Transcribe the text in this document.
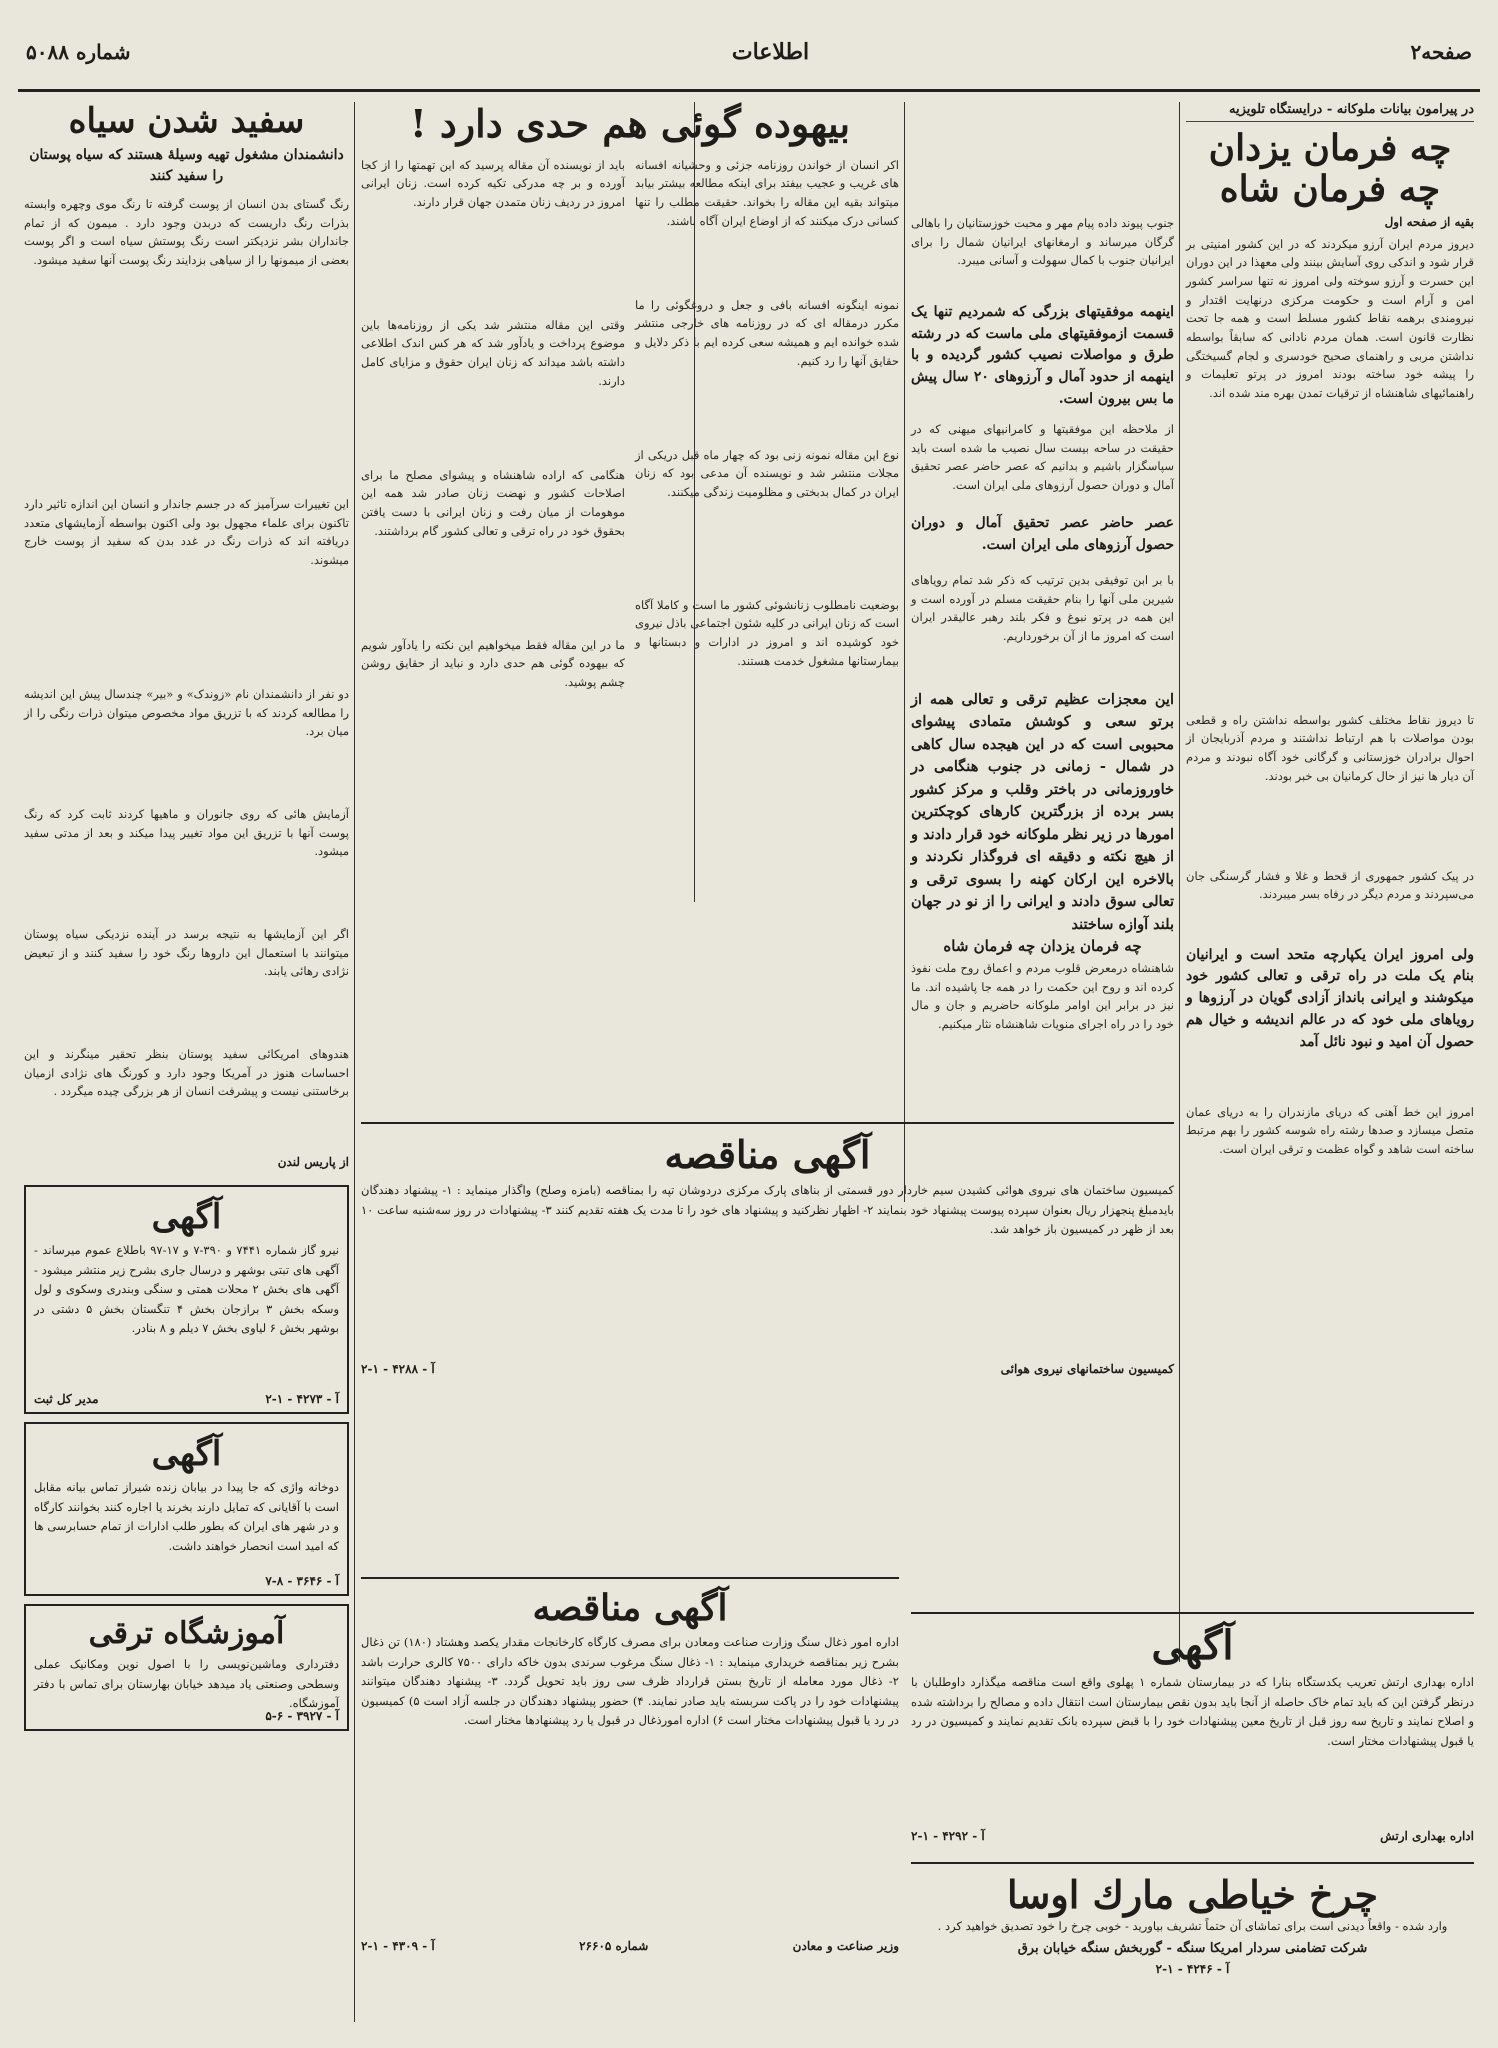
صفحه۲
اطلاعات
شماره ۵۰۸۸
در پیرامون بیانات ملوکانه - درایستگاه‌ تلویزیه
چه فرمان یزدان چه فرمان شاه
بقیه از صفحه اول

دیروز مردم ایران آرزو میکردند که در این کشور امنیتی بر قرار شود و اندکی روی آسایش بینند ولی معهذا در این دوران این حسرت و آرزو سوخته ولی امروز نه تنها سراسر کشور امن و آرام است و حکومت مرکزی درنهایت اقتدار و نیرومندی برهمه نقاط کشور مسلط است و همه جا تحت نظارت قانون است. همان مردم نادانی که سابقاً بواسطه نداشتن مربی و راهنمای صحیح خودسری و لجام گسیختگی را پیشه خود ساخته بودند امروز در پرتو تعلیمات و راهنمائیهای شاهنشاه از ترقیات تمدن بهره مند شده اند.

تا دیروز نقاط مختلف کشور بواسطه نداشتن راه و قطعی بودن مواصلات با هم ارتباط نداشتند و مردم آذربایجان از احوال برادران خوزستانی و گرگانی خود آگاه نبودند و مردم آن دیار ها نیز از حال کرمانیان بی خبر بودند.

در پیک کشور جمهوری از قحط و غلا و فشار گرسنگی جان می‌سپردند و مردم دیگر در رفاه بسر میبردند.

ولی امروز ایران یکپارچه متحد است و ایرانیان بنام یک ملت در راه ترقی و تعالی کشور خود میکوشند و ایرانی بانداز آزادی گویان در آرزوها و رویاهای ملی خود که در عالم اندیشه و خیال هم حصول آن امید و نبود نائل آمد

امروز این خط آهنی که دریای مازندران را به دریای عمان متصل میسازد و صدها رشته راه شوسه کشور را بهم مرتبط ساخته است شاهد و گواه عظمت و ترقی ایران است.

جنوب پیوند داده پیام مهر و محبت خوزستانیان را باهالی گرگان میرساند و ارمغانهای ایرانیان شمال را برای ایرانیان جنوب با کمال سهولت و آسانی میبرد.

اینهمه موفقیتهای بزرگی که شمردیم تنها یک قسمت ازموفقیتهای ملی ماست که در رشته طرق و مواصلات نصیب کشور گردیده و با اینهمه از حدود آمال و آرزوهای ۲۰ سال پیش ما بس بیرون است.

از ملاحظه این موفقیتها و کامرانیهای میهنی که در حقیقت در ساحه بیست سال نصیب ما شده است باید سپاسگزار باشیم و بدانیم که عصر حاضر عصر تحقیق آمال و دوران حصول آرزوهای ملی ایران است.

عصر حاضر عصر تحقیق آمال و دوران حصول آرزوهای ملی ایران است.

با بر ابن توفیقی بدین ترتیب که ذکر شد تمام رویاهای شیرین ملی آنها را بنام حقیقت مسلم در آورده است و این همه در پرتو نبوغ و فکر بلند رهبر عالیقدر ایران است که امروز ما از آن برخورداریم.

این معجزات عظیم ترقی و تعالی همه از برتو سعی و کوشش متمادی پیشوای محبوبی است که در این هیجده سال کاهی در شمال - زمانی در جنوب هنگامی در خاوروزمانی در باختر وقلب و مرکز کشور بسر برده از بزرگترین کارهای کوچکترین امورها در زیر نظر ملوکانه خود قرار دادند و از هیچ نکته و دقیقه ای فروگذار نکردند و بالاخره این ارکان کهنه را بسوی ترقی و تعالی سوق دادند و ایرانی را از نو در جهان بلند آوازه ساختند

چه فرمان یزدان چه فرمان شاه

شاهنشاه درمعرض قلوب مردم و اعماق روح ملت نفوذ کرده اند و روح این حکمت را در همه جا پاشیده اند. ما نیز در برابر این اوامر ملوکانه حاضریم و جان و مال خود را در راه اجرای منویات شاهنشاه نثار میکنیم.

بیهوده گوئی هم حدی دارد !

اکر انسان از خواندن روزنامه جزئی و وحشیانه افسانه های غریب و عجیب بیفتد برای اینکه مطالعه بیشتر بیابد میتواند بقیه این مقاله را بخواند. حقیقت مطلب را تنها کسانی درک میکنند که از اوضاع ایران آگاه باشند.

نمونه اینگونه افسانه بافی و جعل و دروغگوئی را ما مکرر درمقاله ای که در روزنامه های خارجی منتشر شده خوانده ایم و همیشه سعی کرده ایم با ذکر دلایل و حقایق آنها را رد کنیم.

نوع این مقاله نمونه زنی بود که چهار ماه قبل دریکی از مجلات منتشر شد و نویسنده آن مدعی بود که زنان ایران در کمال بدبختی و مظلومیت زندگی میکنند.

بوضعیت نامطلوب زنانشوئی کشور ما است و کاملا آگاه است که زنان ایرانی در کلیه شئون اجتماعی باذل نیروی خود کوشیده اند و امروز در ادارات و دبستانها و بیمارستانها مشغول خدمت هستند.

باید از نویسنده آن مقاله پرسید که این تهمتها را از کجا آورده و بر چه مدرکی تکیه کرده است. زنان ایرانی امروز در ردیف زنان متمدن جهان قرار دارند.

وقتی این مقاله منتشر شد یکی از روزنامه‌ها باین موضوع پرداخت و یادآور شد که هر کس اندک اطلاعی داشته باشد میداند که زنان ایران حقوق و مزایای کامل دارند.

هنگامی که اراده شاهنشاه و پیشوای مصلح ما برای اصلاحات کشور و نهضت زنان صادر شد همه این موهومات از میان رفت و زنان ایرانی با دست یافتن بحقوق خود در راه ترقی و تعالی کشور گام برداشتند.

ما در این مقاله فقط میخواهیم این نکته را یادآور شویم که بیهوده گوئی هم حدی دارد و نباید از حقایق روشن چشم پوشید.

آگهی مناقصه

کمیسیون ساختمان های نیروی هوائی کشیدن سیم خاردار دور قسمتی از بناهای پارک مرکزی دردوشان تپه را بمناقصه (بامزه وصلح) واگذار مینماید : ۱- پیشنهاد دهندگان بایدمبلغ پنجهزار ریال بعنوان سپرده پیوست پیشنهاد خود بنمایند ۲- اظهار نظرکنید و پیشنهاد های خود را تا مدت یک هفته تقدیم کنند ۳- پیشنهادات در روز سه‌شنبه ساعت ۱۰ بعد از ظهر در کمیسیون باز خواهد شد.

کمیسیون ساختمانهای نیروی هوائی
آ - ۴۲۸۸ - ۱-۲
سفید شدن سیاه
دانشمندان مشغول تهیه وسیلهٔ هستند که سیاه پوستان را سفید کنند

رنگ گستای بدن انسان از پوست گرفته تا رنگ موی وچهره وابسته بذرات رنگ داریست که دربدن وجود دارد . میمون که از تمام جانداران بشر نزدیکتر است رنگ پوستش سیاه است و اگر پوست بعضی از میمونها را از سیاهی بزدایند رنگ پوست آنها سفید میشود.

این تغییرات سرآمیز که در جسم جاندار و انسان این اندازه تاثیر دارد تاکنون برای علماء مجهول بود ولی اکنون بواسطه آزمایشهای متعدد دریافته اند که ذرات رنگ در غدد بدن که سفید از پوست خارج میشوند.

دو نفر از دانشمندان نام «زوندک» و «بیر» چندسال پیش این اندیشه را مطالعه کردند که با تزریق مواد مخصوص میتوان ذرات رنگی را از میان برد.

آزمایش هائی که روی جانوران و ماهیها کردند ثابت کرد که رنگ پوست آنها با تزریق این مواد تغییر پیدا میکند و بعد از مدتی سفید میشود.

اگر این آزمایشها به نتیجه برسد در آینده نزدیکی سیاه پوستان میتوانند با استعمال این داروها رنگ خود را سفید کنند و از تبعیض نژادی رهائی یابند.

هندوهای امریکائی سفید پوستان بنظر تحقیر مینگرند و این احساسات هنوز در آمریکا وجود دارد و کورنگ های نژادی ازمیان برخاستنی نیست و پیشرفت انسان از هر بزرگی چیده میگردد .

از پاریس لندن
آگهی

نیرو گاز شماره ۷۴۴۱ و ۳۹۰-۷ و ۱۷-۹۷ باطلاع عموم میرساند - آگهی های تبتی بوشهر و درسال جاری بشرح زیر منتشر میشود - آگهی های بخش ۲ محلات همتی و سنگی وبندری وسکوی و لول وسکه بخش ۳ برازجان بخش ۴ تنگستان بخش ۵ دشتی در بوشهر بخش ۶ لیاوی بخش ۷ دیلم و ۸ بنادر.

آ - ۴۲۷۳ - ۱-۲
مدیر کل ثبت
آگهی

دوخانه واژی که جا پیدا در بیابان زنده شیراز تماس بیانه مقابل است با آقایانی که تمایل دارند بخرند یا اجاره کنند بخوانند کارگاه و در شهر های ایران که بطور طلب ادارات از تمام حسابرسی ها که امید است انحصار خواهند داشت.

آ - ۳۶۴۶ - ۸-۷
آموزشگاه ترقی

دفترداری وماشین‌نویسی را با اصول نوین ومکانیک عملی وسطحی وصنعتی یاد میدهد خیابان بهارستان برای تماس با دفتر آموزشگاه.

آ - ۳۹۲۷ - ۶-۵
آگهی مناقصه

اداره امور ذغال سنگ وزارت صناعت ومعادن برای مصرف کارگاه کارخانجات مقدار یکصد وهشتاد (۱۸۰) تن ذغال بشرح زیر بمناقصه خریداری مینماید : ۱- ذغال سنگ مرغوب سرندی بدون خاکه دارای ۷۵۰۰ کالری حرارت باشد ۲- ذغال مورد معامله از تاریخ بستن قرارداد ظرف سی روز باید تحویل گردد. ۳- پیشنهاد دهندگان میتوانند پیشنهادات خود را در پاکت سربسته باید صادر نمایند. ۴) حضور پیشنهاد دهندگان در جلسه آزاد است ۵) کمیسیون در رد یا قبول پیشنهادات مختار است ۶) اداره امورذغال در قبول یا رد پیشنهادها مختار است.

وزیر صناعت و معادن
شماره ۲۶۶۰۵
آ - ۴۳۰۹ - ۱-۲
آگهی

اداره بهداری ارتش تعریب یکدستگاه بنارا که در بیمارستان شماره ۱ پهلوی واقع است مناقصه میگذارد داوطلبان با درنظر گرفتن این که باید تمام خاک حاصله از آنجا باید بدون نقص بیمارستان است انتقال داده و مصالح را برداشته شده و اصلاح نمایند و تاریخ سه روز قبل از تاریخ معین پیشنهادات خود را با قبض سپرده بانک تقدیم نمایند و کمیسیون در رد یا قبول پیشنهادات مختار است.

اداره بهداری ارتش
آ - ۴۲۹۲ - ۱-۲
چرخ خیاطی مارك اوسا

وارد شده - واقعاً دیدنی است برای تماشای آن حتماً تشریف بیاورید - خوبی چرخ را خود تصدیق خواهید کرد .

شرکت تضامنی سردار امریکا سنگه - گوربخش سنگه خیابان برق
آ - ۴۲۴۶ - ۱-۲
